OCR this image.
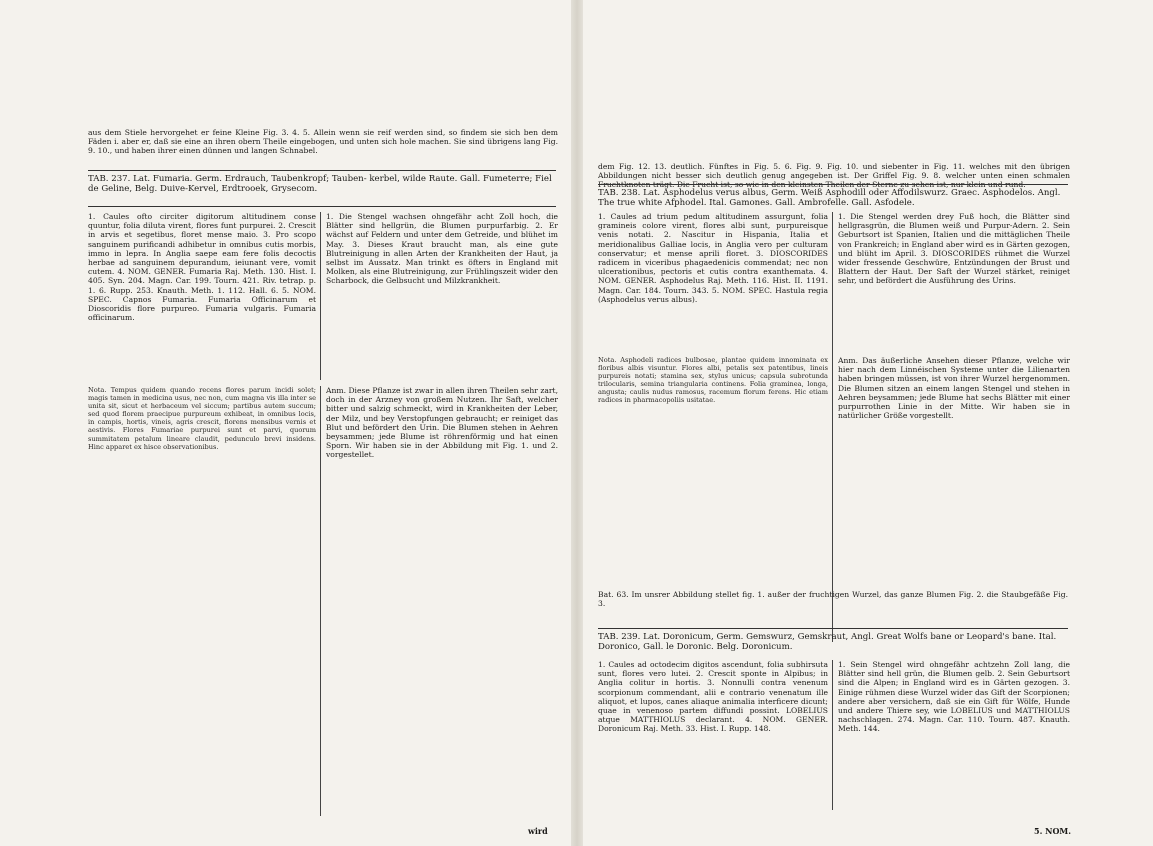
aus dem Stiele hervorgehet er feine Kleine Fig. 3. 4. 5. Allein wenn sie reif werden sind, so findem sie sich ben dem Fäden i. aber er, daß sie eine an ihren obern Theile eingebogen, und unten sich hole machen. Sie sind übrigens lang Fig. 9. 10., und haben ihrer einen dünnen und langen Schnabel.

TAB. 237. Lat. Fumaria. Germ. Erdrauch, Taubenkropf; Tauben- kerbel, wilde Raute. Gall. Fumeterre; Fiel de Geline, Belg. Duive-Kervel, Erdtrooek, Grysecom.

1. Caules ofto circiter digitorum altitudinem conse quuntur, folia diluta virent, flores funt purpurei. 2. Crescit in arvis et segetibus, floret mense maio. 3. Pro scopo sanguinem purificandi adhibetur in omnibus cutis morbis, immo in lepra. In Anglia saepe eam fere folis decoctis herbae ad sanguinem depurandum, ieiunant vere, vomit cutem. 4. NOM. GENER. Fumaria Raj. Meth. 130. Hist. I. 405. Syn. 204. Magn. Car. 199. Tourn. 421. Riv. tetrap. p. 1. 6. Rupp. 253. Knauth. Meth. 1. 112. Hall. 6. 5. NOM. SPEC. Capnos Fumaria. Fumaria Officinarum et Dioscoridis flore purpureo. Fumaria vulgaris. Fumaria officinarum.

1. Die Stengel wachsen ohngefähr acht Zoll hoch, die Blätter sind hellgrün, die Blumen purpurfarbig. 2. Er wächst auf Feldern und unter dem Getreide, und blühet im May. 3. Dieses Kraut braucht man, als eine gute Blutreinigung in allen Arten der Krankheiten der Haut, ja selbst im Aussatz. Man trinkt es öfters in England mit Molken, als eine Blutreinigung, zur Frühlingszeit wider den Scharbock, die Gelbsucht und Milzkrankheit.

Nota. Tempus quidem quando recens flores parum incidi solet; magis tamen in medicina usus, nec non, cum magna vis illa inter se unita sit, sicut et herbaceum vel siccum; partibus autem succum; sed quod florem praecipue purpureum exhibeat, in omnibus locis, in campis, hortis, vineis, agris crescit, florens mensibus vernis et aestivis. Flores Fumariae purpurei sunt et parvi, quorum summitatem petalum lineare claudit, pedunculo brevi insidens. Hinc apparet ex hisce observationibus.

Anm. Diese Pflanze ist zwar in allen ihren Theilen sehr zart, doch in der Arzney von großem Nutzen. Ihr Saft, welcher bitter und salzig schmeckt, wird in Krankheiten der Leber, der Milz, und bey Verstopfungen gebraucht; er reiniget das Blut und befördert den Urin. Die Blumen stehen in Aehren beysammen; jede Blume ist röhrenförmig und hat einen Sporn. Wir haben sie in der Abbildung mit Fig. 1. und 2. vorgestellet.

wird

dem Fig. 12. 13. deutlich. Fünftes in Fig. 5. 6. Fig. 9. Fig. 10. und siebenter in Fig. 11. welches mit den übrigen Abbildungen nicht besser sich deutlich genug angegeben ist. Der Griffel Fig. 9. 8. welcher unten einen schmalen

TAB. 238. Lat. Asphodelus verus albus, Germ. Weiß Asphodill oder Affodilswurz. Graec. Asphodelos. Angl. The true white Afphodel. Ital. Gamones. Gall. Ambrofelle. Gall. Asfodele.

1. Caules ad trium pedum altitudinem assurgunt, folia gramineis colore virent, flores albi sunt, purpureisque venis notati. 2. Nascitur in Hispania, Italia et meridionalibus Galliae locis, in Anglia vero per culturam conservatur; et mense aprili floret. 3. DIOSCORIDES radicem in viceribus phagaedenicis commendat; nec non ulcerationibus, pectoris et cutis contra exanthemata. 4. NOM. GENER. Asphodelus Raj. Meth. 116. Hist. II. 1191. Magn. Car. 184. Tourn. 343. 5. NOM. SPEC. Hastula regia (Asphodelus verus albus).

1. Die Stengel werden drey Fuß hoch, die Blätter sind hellgrasgrün, die Blumen weiß und Purpur-Adern. 2. Sein Geburtsort ist Spanien, Italien und die mittäglichen Theile von Frankreich; in England aber wird es in Gärten gezogen, und blüht im April. 3. DIOSCORIDES rühmet die Wurzel wider fressende Geschwüre, Entzündungen der Brust und Blattern der Haut. Der Saft der Wurzel stärket, reiniget sehr, und befördert die Ausführung des Urins.

Nota. Asphodeli radices bulbosae, plantae quidem innominata ex floribus albis visuntur. Flores albi, petalis sex patentibus, lineis purpureis notati; stamina sex, stylus unicus; capsula subrotunda trilocularis, semina triangularia continens. Folia graminea, longa, angusta; caulis nudus ramosus, racemum florum ferens. Hic etiam radices in pharmacopoliis usitatae.

Anm. Das äußerliche Ansehen dieser Pflanze, welche wir hier nach dem Linnéischen Systeme unter die Lilienarten haben bringen müssen, ist von ihrer Wurzel hergenommen. Die Blumen sitzen an einem langen Stengel und stehen in Aehren beysammen; jede Blume hat sechs Blätter mit einer purpurrothen Linie in der Mitte. Wir haben sie in natürlicher Größe vorgestellt.

Bat. 63. Im unsrer Abbildung stellet fig. 1. außer der fruchtigen Wurzel, das ganze Blumen Fig. 2. die Staubgefäße Fig. 3.

TAB. 239. Lat. Doronicum, Germ. Gemswurz, Gemskraut, Angl. Great Wolfs bane or Leopard's bane. Ital. Doronico, Gall. le Doronic. Belg. Doronicum.

1. Caules ad octodecim digitos ascendunt, folia subhirsuta sunt, flores vero lutei. 2. Crescit sponte in Alpibus; in Anglia colitur in hortis. 3. Nonnulli contra venenum scorpionum commendant, alii e contrario venenatum ille aliquot, et lupos, canes aliaque animalia interficere dicunt; quae in venenoso partem diffundi possint. LOBELIUS atque MATTHIOLUS declarant. 4. NOM. GENER. Doronicum Raj. Meth. 33. Hist. I. Rupp. 148.

1. Sein Stengel wird ohngefähr achtzehn Zoll lang, die Blätter sind hell grün, die Blumen gelb. 2. Sein Geburtsort sind die Alpen; in England wird es in Gärten gezogen. 3. Einige rühmen diese Wurzel wider das Gift der Scorpionen; andere aber versichern, daß sie ein Gift für Wölfe, Hunde und andere Thiere sey, wie LOBELIUS und MATTHIOLUS nachschlagen. 274. Magn. Car. 110. Tourn. 487. Knauth. Meth. 144.

5. NOM.
